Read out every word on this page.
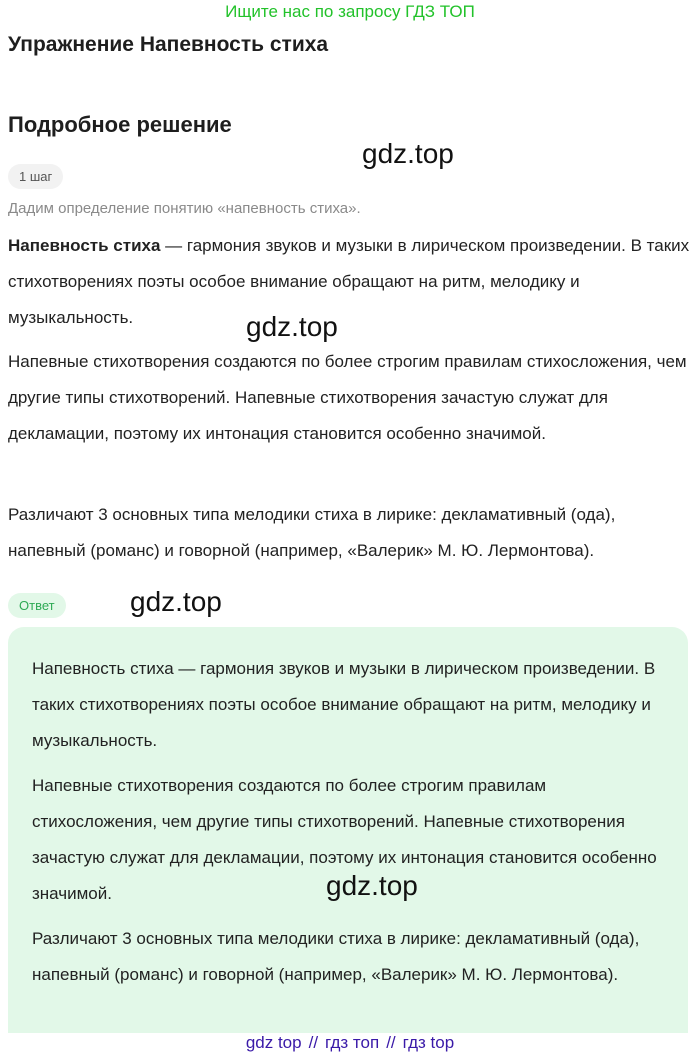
Ищите нас по запросу ГДЗ ТОП
Упражнение Напевность стиха
Подробное решение
gdz.top
1 шаг
Дадим определение понятию «напевность стиха».

Напевность стиха — гармония звуков и музыки в лирическом произведении. В таких стихотворениях поэты особое внимание обращают на ритм, мелодику и музыкальность.	gdz.top

Напевные стихотворения создаются по более строгим правилам стихосложения, чем другие типы стихотворений. Напевные стихотворения зачастую служат для декламации, поэтому их интонация становится особенно значимой.

Различают 3 основных типа мелодики стиха в лирике: декламативный (ода), напевный (романс) и говорной (например, «Валерик» М. Ю. Лермонтова).

Ответ	gdz.top

Напевность стиха — гармония звуков и музыки в лирическом произведении. В таких стихотворениях поэты особое внимание обращают на ритм, мелодику и музыкальность.

Напевные стихотворения создаются по более строгим правилам стихосложения, чем другие типы стихотворений. Напевные стихотворения зачастую служат для декламации, поэтому их интонация становится особенно значимой.

Различают 3 основных типа мелодики стиха в лирике: декламативный (ода), напевный (романс) и говорной (например, «Валерик» М. Ю. Лермонтова).

gdz.top
gdz top // гдз топ // гдз top
